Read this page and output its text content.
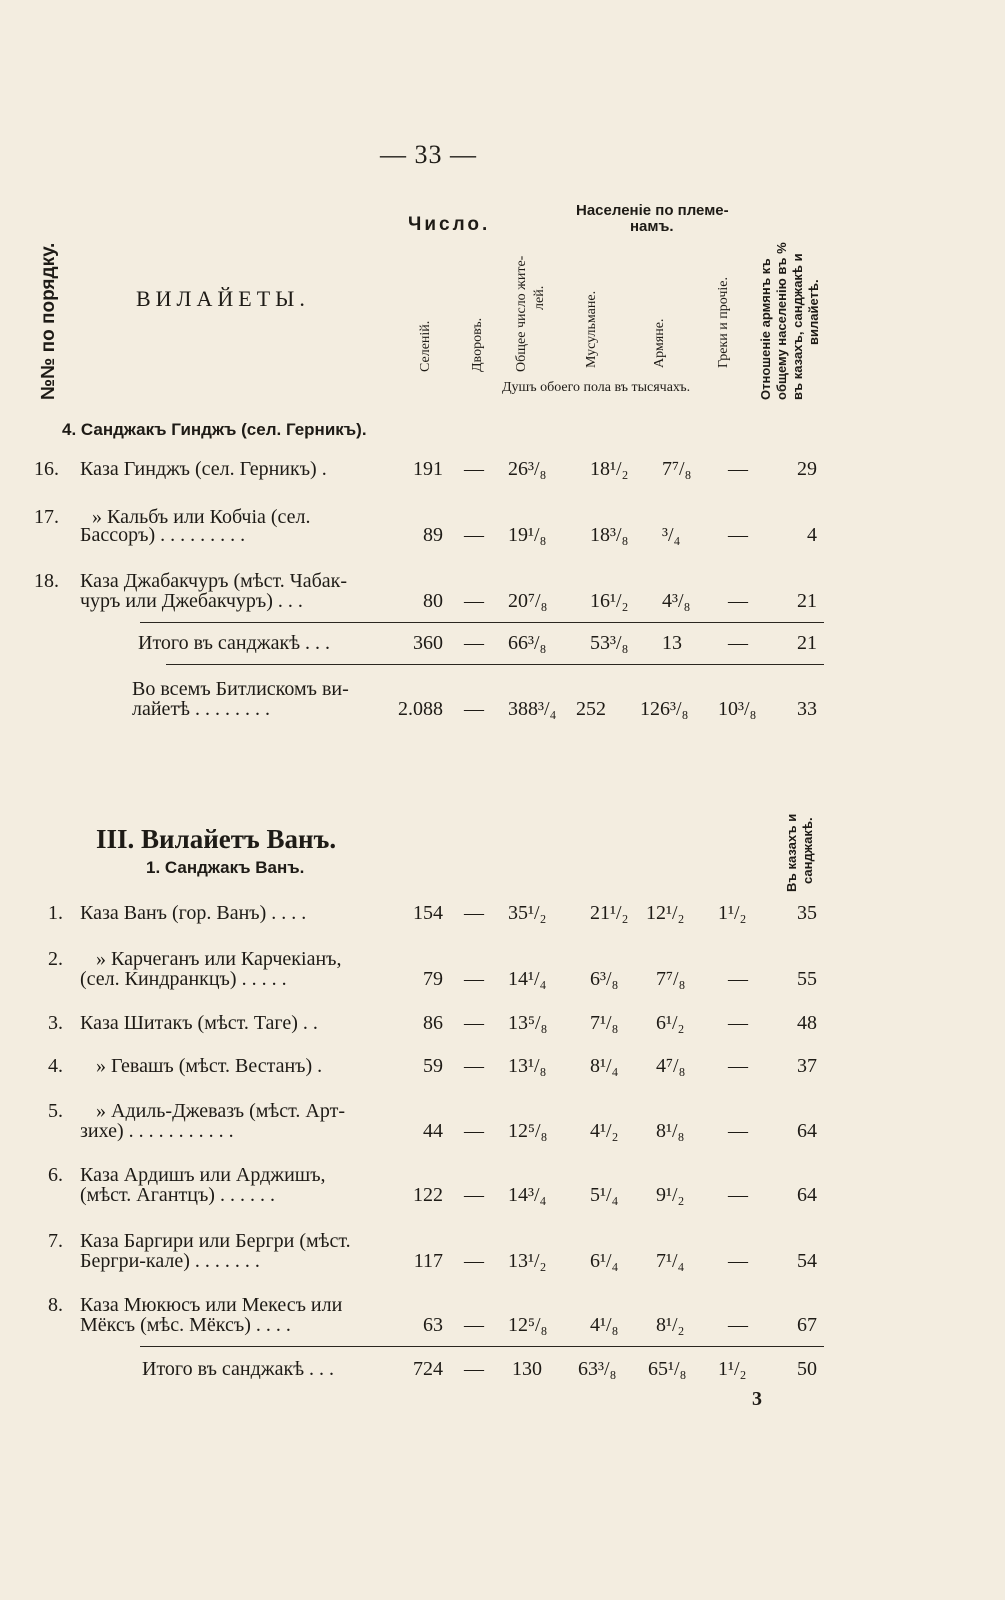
— 33 —
№№ по порядку.	ВИЛАЙЕТЫ.
Число.
Селеній.	Дворовъ. Общее число жите- лей.
Населеніе по племе-
намъ.
Мусульмане.	Армяне.	Греки и прочіе. Отношеніе армянъ къ общему населенію въ % въ казахъ, санджакѣ и вилайетѣ.
Душъ обоего пола въ тысячахъ.
4. Санджакъ Гинджъ (сел. Герникъ).
16. Каза Гинджъ (сел. Герникъ) .	191 — 26³/₈ 18¹/₂ 7⁷/₈ — 29
17. » Кальбъ или Кобчіа (сел.
Бассоръ) . . . . . . . . .	89 — 19¹/₈ 18³/₈ ³/₄ —	4
18. Каза Джабакчуръ (мѣст. Чабак-
чуръ или Джебакчуръ) . . .	80 — 20⁷/₈ 16¹/₂ 4³/₈ — 21
Итого въ санджакѣ . . .	360 — 66³/₈ 53³/₈ 13 — 21
Во всемъ Битлискомъ ви-
лайетѣ . . . . . . . .	2.088 — 388³/₄ 252 126³/₈ 10³/₈ 33
III. Вилайетъ Ванъ.
1. Санджакъ Ванъ.	Въ казахъ и санджакѣ.
1. Каза Ванъ (гор. Ванъ) . . . .	154 — 35¹/₂ 21¹/₂ 12¹/₂ 1¹/₂	35
2. » Карчеганъ или Карчекіанъ,
(сел. Киндранкцъ) . . . . .	79 — 14¹/₄ 6³/₈ 7⁷/₈ — 55
3. Каза Шитакъ (мѣст. Таге) . .	86 — 13⁵/₈ 7¹/₈ 6¹/₂ — 48
4. » Гевашъ (мѣст. Вестанъ) .	59 — 13¹/₈ 8¹/₄ 4⁷/₈ — 37
5. » Адиль-Джевазъ (мѣст. Арт-
зихе) . . . . . . . . . . .	44 — 12⁵/₈ 4¹/₂ 8¹/₈ — 64
6. Каза Ардишъ или Арджишъ,
(мѣст. Агантцъ) . . . . . .	122 — 14³/₄ 5¹/₄ 9¹/₂ — 64
7. Каза Баргири или Бергри (мѣст.
Бергри-кале) . . . . . . .	117 — 13¹/₂ 6¹/₄ 7¹/₄ — 54
8. Каза Мюкюсъ или Мекесъ или
Мёксъ (мѣс. Мёксъ) . . . .	63 — 12⁵/₈ 4¹/₈ 8¹/₂ — 67
Итого въ санджакѣ . . .	724 — 130 63³/₈ 65¹/₈ 1¹/₂	50
3
